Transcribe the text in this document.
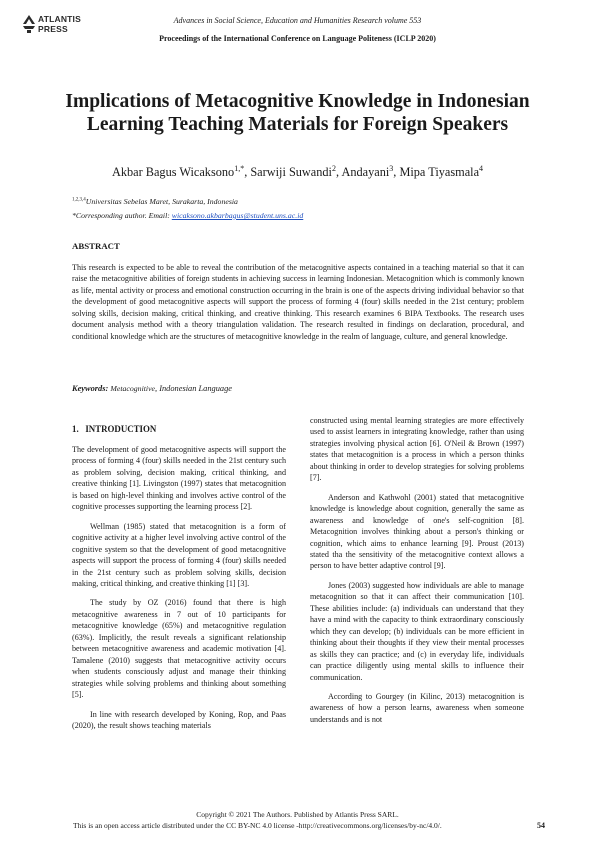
ATLANTIS
PRESS
Advances in Social Science, Education and Humanities Research volume 553
Proceedings of the International Conference on Language Politeness (ICLP 2020)
Implications of Metacognitive Knowledge in Indonesian Learning Teaching Materials for Foreign Speakers
Akbar Bagus Wicaksono$^{1,*}$, Sarwiji Suwandi$^2$, Andayani$^3$, Mipa Tiyasmala$^4$
$^{1,2,3,4}$Universitas Sebelas Maret, Surakarta, Indonesia
*Corresponding author. Email: wicaksono.akbarbagus@student.uns.ac.id
ABSTRACT
This research is expected to be able to reveal the contribution of the metacognitive aspects contained in a teaching material so that it can raise the metacognitive abilities of foreign students in achieving success in learning Indonesian. Metacognition which is commonly known as life, mental activity or process and emotional construction occurring in the brain is one of the aspects driving individual behavior so that the development of good metacognitive aspects will support the process of forming 4 (four) skills needed in the 21st century; problem solving skills, decision making, critical thinking, and creative thinking. This research examines 6 BIPA Textbooks. The research uses document analysis method with a theory triangulation validation. The research resulted in findings on declaration, procedural, and conditional knowledge which are the structures of metacognitive knowledge in the realm of language, culture, and general knowledge.
Keywords: Metacognitive, Indonesian Language
1. INTRODUCTION

The development of good metacognitive aspects will support the process of forming 4 (four) skills needed in the 21st century such as problem solving, decision making, critical thinking, and creative thinking [1]. Livingston (1997) states that metacognition is based on high-level thinking and involves active control of the cognitive processes supporting the learning process [2].

Wellman (1985) stated that metacognition is a form of cognitive activity at a higher level involving active control of the cognitive system so that the development of good metacognitive aspects will support the process of forming 4 (four) skills needed in the 21st century such as problem solving skills, decision making, critical thinking, and creative thinking [1] [3].

The study by OZ (2016) found that there is high metacognitive awareness in 7 out of 10 participants for metacognitive knowledge (65%) and metacognitive regulation (63%). Implicitly, the result reveals a significant relationship between metacognitive awareness and academic motivation [4]. Tamalene (2010) suggests that metacognitive activity occurs when students consciously adjust and manage their thinking strategies while solving problems and thinking about something [5].

In line with research developed by Koning, Rop, and Paas (2020), the result shows teaching materials

constructed using mental learning strategies are more effectively used to assist learners in integrating knowledge, rather than using strategies involving physical action [6]. O'Neil & Brown (1997) states that metacognition is a process in which a person thinks about thinking in order to develop strategies for solving problems [7].

Anderson and Kathwohl (2001) stated that metacognitive knowledge is knowledge about cognition, generally the same as awareness and knowledge of one's self-cognition [8]. Metacognition involves thinking about a person's thinking or cognition, which aims to enhance learning [9]. Proust (2013) stated tha the sensitivity of the metacognitive context allows a person to have better adaptive control [9].

Jones (2003) suggested how individuals are able to manage metacognition so that it can affect their communication [10]. These abilities include: (a) individuals can understand that they have a mind with the capacity to think extraordinary consciously which they can develop; (b) individuals can be more efficient in thinking about their thoughts if they view their mental processes as skills they can practice; and (c) in everyday life, individuals can practice diligently using mental skills to influence their communication.

According to Gourgey (in Kilinc, 2013) metacognition is awareness of how a person learns, awareness when someone understands and is not

Copyright © 2021 The Authors. Published by Atlantis Press SARL.
This is an open access article distributed under the CC BY-NC 4.0 license -http://creativecommons.org/licenses/by-nc/4.0/.	54
